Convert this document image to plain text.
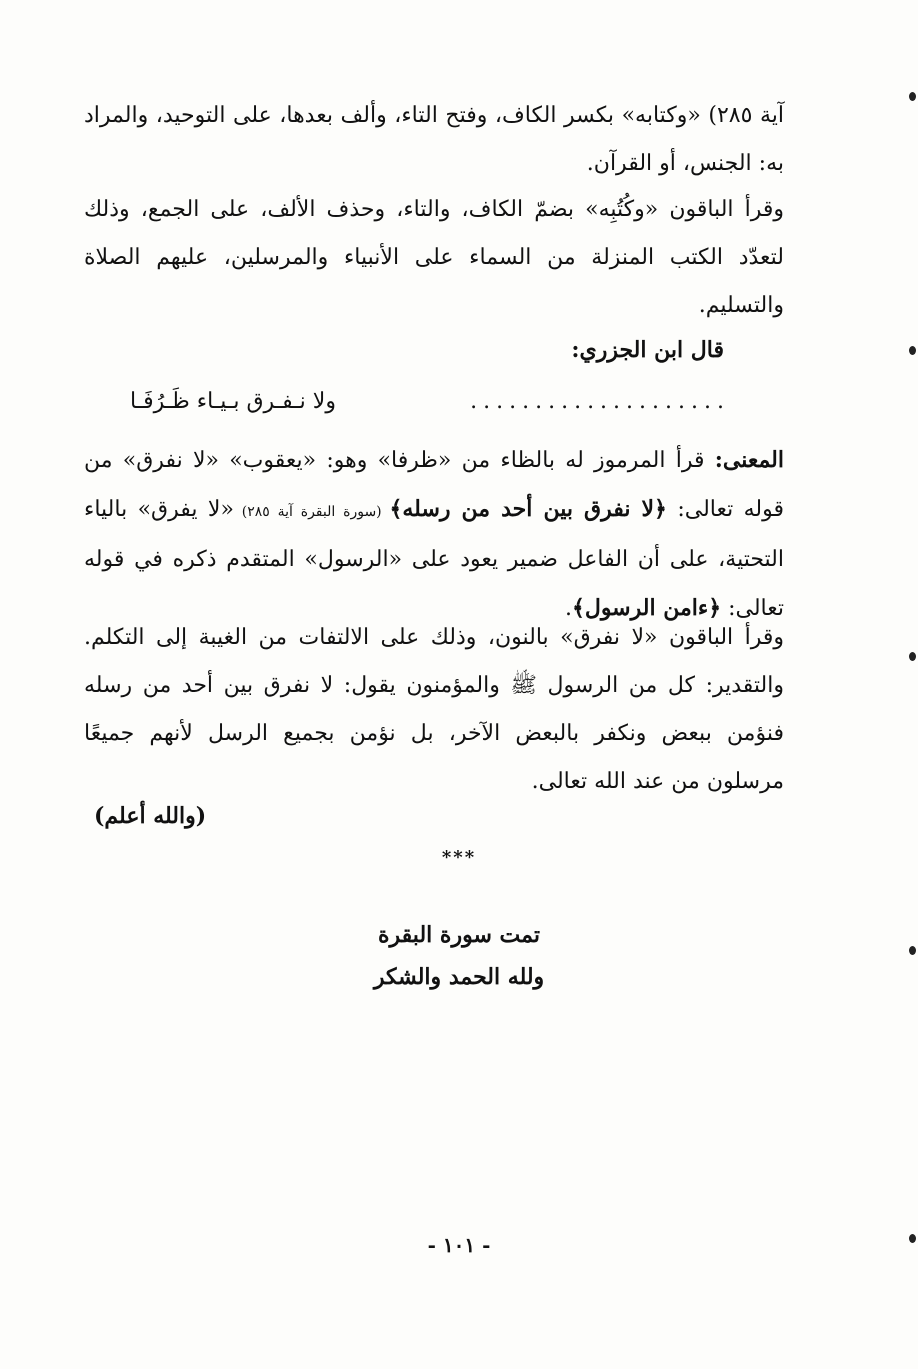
آية ٢٨٥) «وكتابه» بكسر الكاف، وفتح التاء، وألف بعدها، على التوحيد، والمراد به: الجنس، أو القرآن.

وقرأ الباقون «وكُتُبِه» بضمّ الكاف، والتاء، وحذف الألف، على الجمع، وذلك لتعدّد الكتب المنزلة من السماء على الأنبياء والمرسلين، عليهم الصلاة والتسليم.

قال ابن الجزري:
....................
ولا نـفـرق بـيـاء ظَـرُفَـا

المعنى: قرأ المرموز له بالظاء من «ظرفا» وهو: «يعقوب» «لا نفرق» من قوله تعالى: ﴿لا نفرق بين أحد من رسله﴾ (سورة البقرة آية ٢٨٥) «لا يفرق» بالياء التحتية، على أن الفاعل ضمير يعود على «الرسول» المتقدم ذكره في قوله تعالى: ﴿ءامن الرسول﴾.

وقرأ الباقون «لا نفرق» بالنون، وذلك على الالتفات من الغيبة إلى التكلم. والتقدير: كل من الرسول ﷺ والمؤمنون يقول: لا نفرق بين أحد من رسله فنؤمن ببعض ونكفر بالبعض الآخر، بل نؤمن بجميع الرسل لأنهم جميعًا مرسلون من عند الله تعالى.

(والله أعلم)
***
تمت سورة البقرة
ولله الحمد والشكر
- ١٠١ -
